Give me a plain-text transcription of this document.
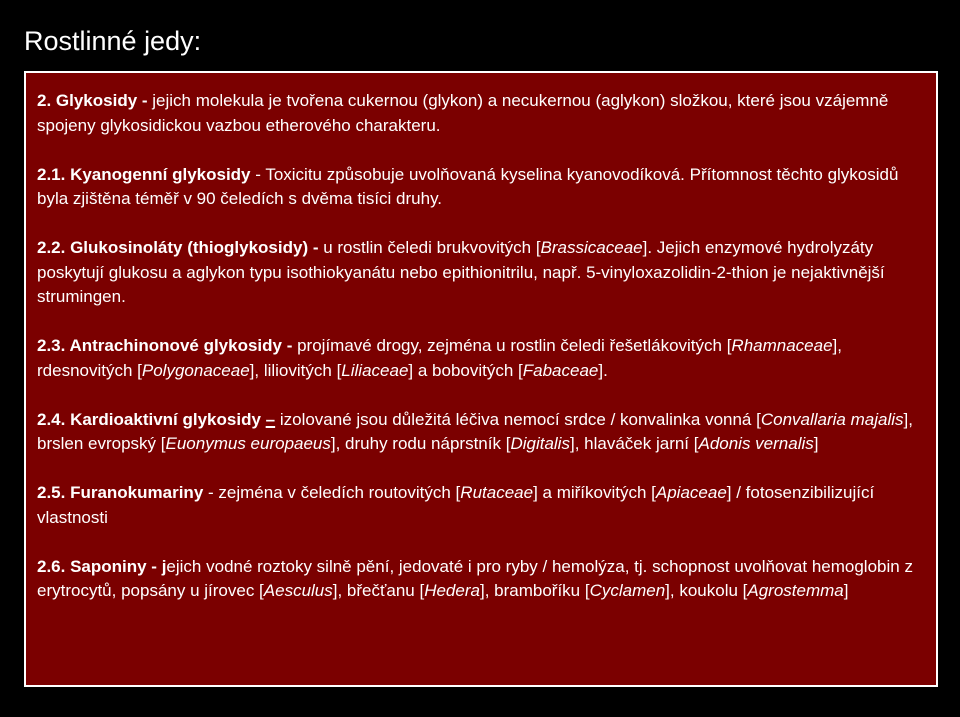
Rostlinné jedy:

2. Glykosidy - jejich molekula je tvořena cukernou (glykon) a necukernou (aglykon) složkou, které jsou vzájemně spojeny glykosidickou vazbou etherového charakteru.

2.1. Kyanogenní glykosidy - Toxicitu způsobuje uvolňovaná kyselina kyanovodíková. Přítomnost těchto glykosidů byla zjištěna téměř v 90 čeledích s dvěma tisíci druhy.

2.2. Glukosinoláty (thioglykosidy) - u rostlin čeledi brukvovitých [Brassicaceae]. Jejich enzymové hydrolyzáty poskytují glukosu a aglykon typu isothiokyanátu nebo epithionitrilu, např. 5-vinyloxazolidin-2-thion je nejaktivnější strumingen.

2.3. Antrachinonové glykosidy - projímavé drogy, zejména u rostlin čeledi řešetlákovitých [Rhamnaceae], rdesnovitých [Polygonaceae], liliovitých [Liliaceae] a bobovitých [Fabaceae].

2.4. Kardioaktivní glykosidy – izolované jsou důležitá léčiva nemocí srdce / konvalinka vonná [Convallaria majalis], brslen evropský [Euonymus europaeus], druhy rodu náprstník [Digitalis], hlaváček jarní [Adonis vernalis]

2.5. Furanokumariny - zejména v čeledích routovitých [Rutaceae] a miříkovitých [Apiaceae] / fotosenzibilizující vlastnosti

2.6. Saponiny - jejich vodné roztoky silně pění, jedovaté i pro ryby / hemolýza, tj. schopnost uvolňovat hemoglobin z erytrocytů, popsány u jírovec [Aesculus], břečťanu [Hedera], bramboříku [Cyclamen], koukolu [Agrostemma]
